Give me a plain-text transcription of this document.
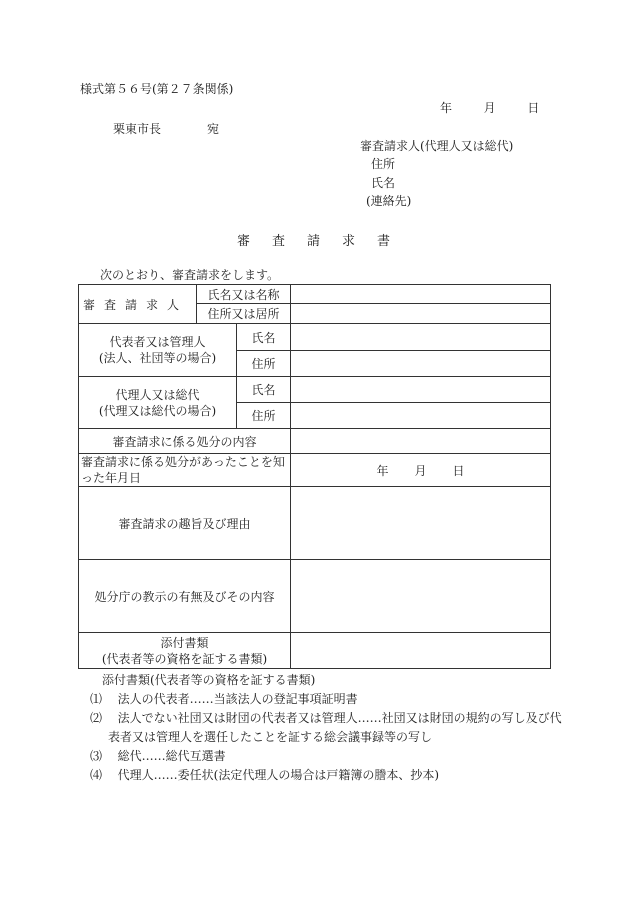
様式第５６号(第２７条関係)
年	月	日
栗東市長	宛
審査請求人(代理人又は総代)
住所
氏名
(連絡先)
審査請求書
次のとおり、審査請求をします。
審査請求人	氏名又は名称		
	住所又は居所		

代表者又は管理人
(法人、社団等の場合)		氏名	
		住所	

代理人又は総代
(代理又は総代の場合)		氏名	
		住所	
審査請求に係る処分の内容			
審査請求に係る処分があったことを知った年月日			年 月 日
審査請求の趣旨及び理由			
処分庁の教示の有無及びその内容			

添付書類
(代表者等の資格を証する書類)			

添付書類(代表者等の資格を証する書類)
⑴ 法人の代表者……当該法人の登記事項証明書
⑵ 法人でない社団又は財団の代表者又は管理人……社団又は財団の規約の写し及び代
表者又は管理人を選任したことを証する総会議事録等の写し
⑶ 総代……総代互選書
⑷ 代理人……委任状(法定代理人の場合は戸籍簿の謄本、抄本)
